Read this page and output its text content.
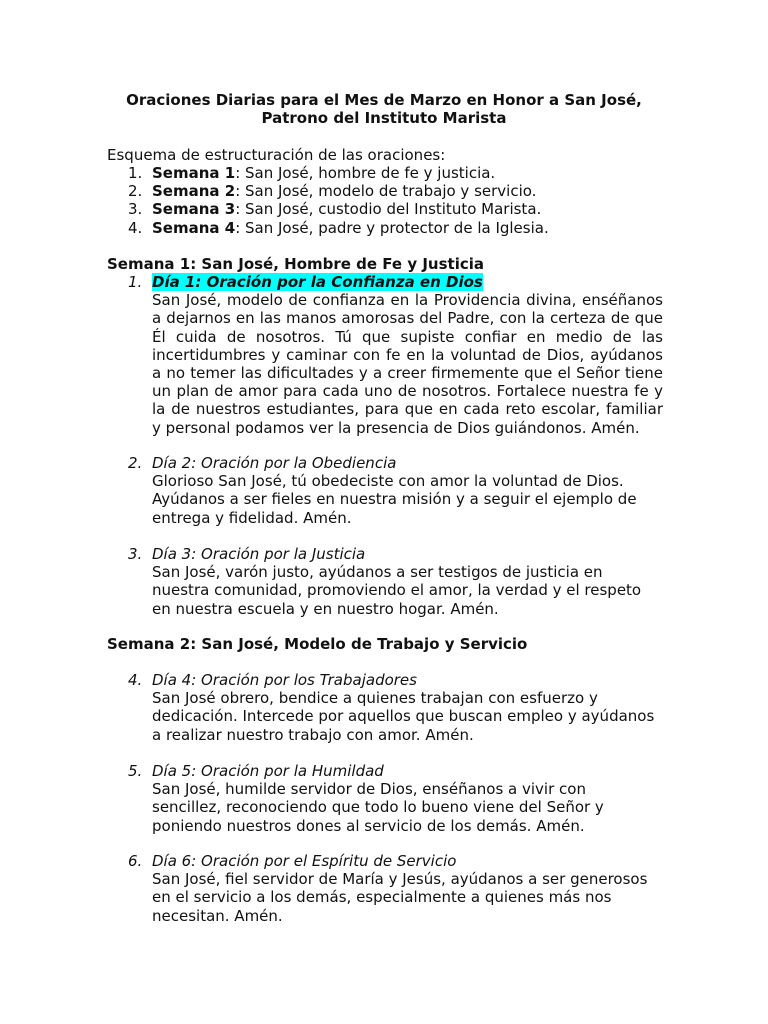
Oraciones Diarias para el Mes de Marzo en Honor a San José,
Patrono del Instituto Marista
Esquema de estructuración de las oraciones:
1. Semana 1: San José, hombre de fe y justicia.
2. Semana 2: San José, modelo de trabajo y servicio.
3. Semana 3: San José, custodio del Instituto Marista.
4. Semana 4: San José, padre y protector de la Iglesia.
Semana 1: San José, Hombre de Fe y Justicia
1. Día 1: Oración por la Confianza en Dios
San José, modelo de confianza en la Providencia divina, enséñanos
a dejarnos en las manos amorosas del Padre, con la certeza de que
Él cuida de nosotros. Tú que supiste confiar en medio de las
incertidumbres y caminar con fe en la voluntad de Dios, ayúdanos
a no temer las dificultades y a creer firmemente que el Señor tiene
un plan de amor para cada uno de nosotros. Fortalece nuestra fe y
la de nuestros estudiantes, para que en cada reto escolar, familiar
y personal podamos ver la presencia de Dios guiándonos. Amén.
2. Día 2: Oración por la Obediencia
Glorioso San José, tú obedeciste con amor la voluntad de Dios.
Ayúdanos a ser fieles en nuestra misión y a seguir el ejemplo de
entrega y fidelidad. Amén.
3. Día 3: Oración por la Justicia
San José, varón justo, ayúdanos a ser testigos de justicia en
nuestra comunidad, promoviendo el amor, la verdad y el respeto
en nuestra escuela y en nuestro hogar. Amén.
Semana 2: San José, Modelo de Trabajo y Servicio
4. Día 4: Oración por los Trabajadores
San José obrero, bendice a quienes trabajan con esfuerzo y
dedicación. Intercede por aquellos que buscan empleo y ayúdanos
a realizar nuestro trabajo con amor. Amén.
5. Día 5: Oración por la Humildad
San José, humilde servidor de Dios, enséñanos a vivir con
sencillez, reconociendo que todo lo bueno viene del Señor y
poniendo nuestros dones al servicio de los demás. Amén.
6. Día 6: Oración por el Espíritu de Servicio
San José, fiel servidor de María y Jesús, ayúdanos a ser generosos
en el servicio a los demás, especialmente a quienes más nos
necesitan. Amén.
